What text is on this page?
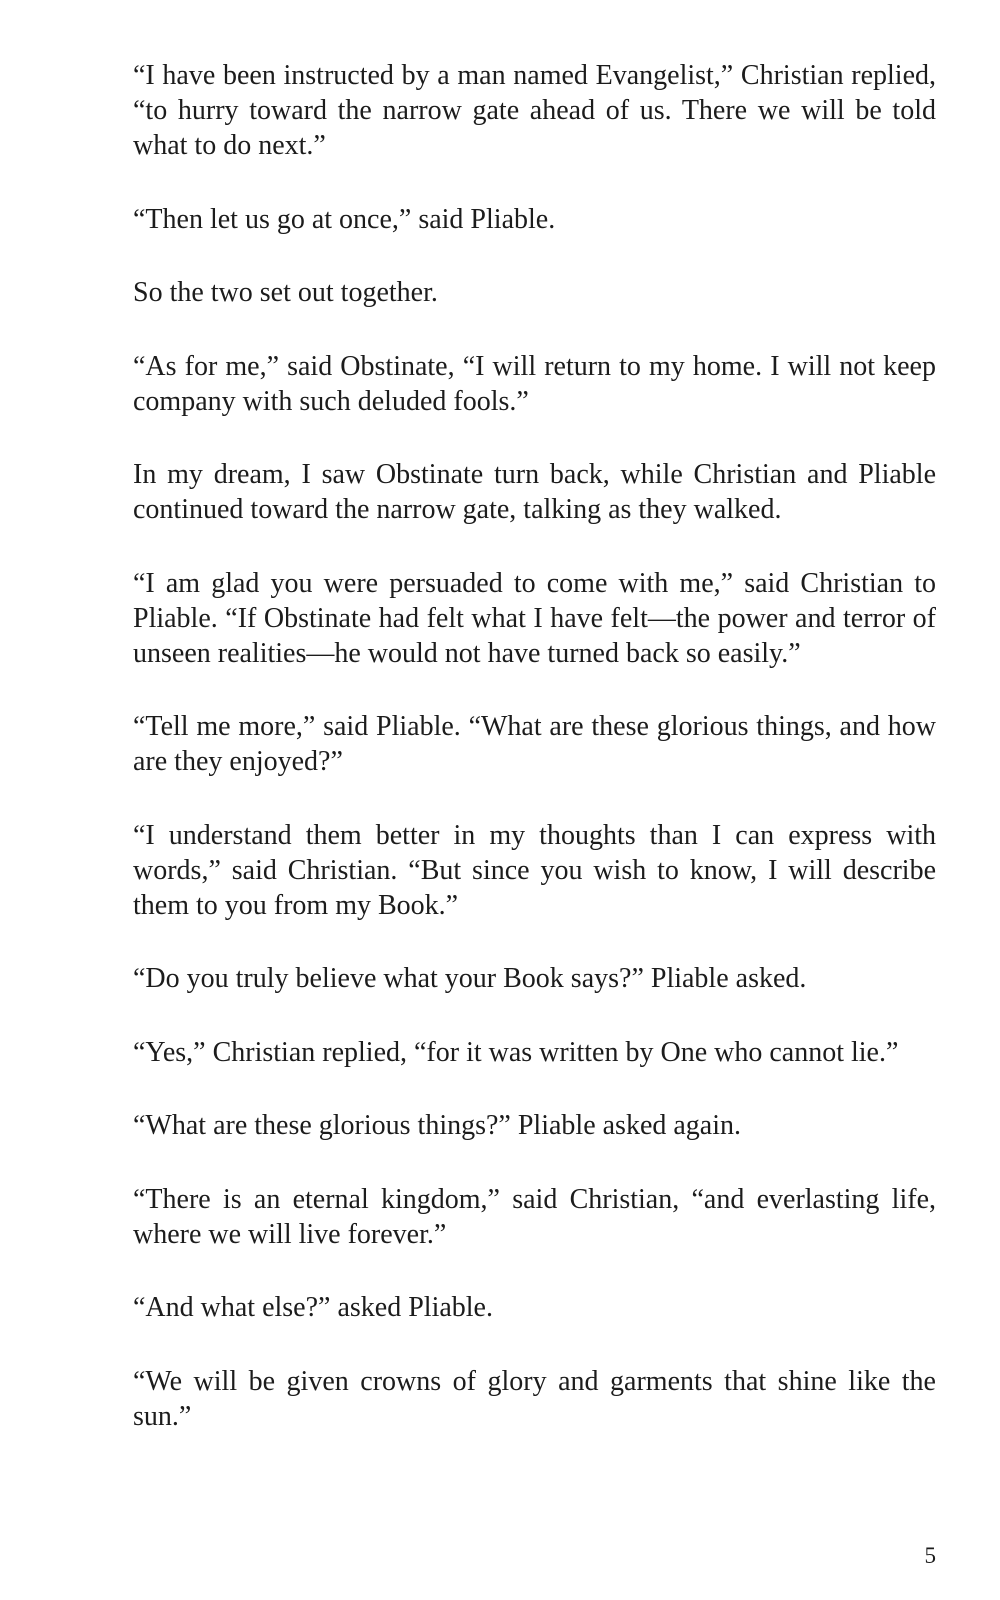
“I have been instructed by a man named Evangelist,” Christian replied, “to hurry toward the narrow gate ahead of us. There we will be told what to do next.”

“Then let us go at once,” said Pliable.

So the two set out together.

“As for me,” said Obstinate, “I will return to my home. I will not keep company with such deluded fools.”

In my dream, I saw Obstinate turn back, while Christian and Pliable continued toward the narrow gate, talking as they walked.

“I am glad you were persuaded to come with me,” said Christian to Pliable. “If Obstinate had felt what I have felt—the power and terror of unseen realities—he would not have turned back so easily.”

“Tell me more,” said Pliable. “What are these glorious things, and how are they enjoyed?”

“I understand them better in my thoughts than I can express with words,” said Christian. “But since you wish to know, I will describe them to you from my Book.”

“Do you truly believe what your Book says?” Pliable asked.

“Yes,” Christian replied, “for it was written by One who cannot lie.”

“What are these glorious things?” Pliable asked again.

“There is an eternal kingdom,” said Christian, “and everlasting life, where we will live forever.”

“And what else?” asked Pliable.

“We will be given crowns of glory and garments that shine like the sun.”

5
